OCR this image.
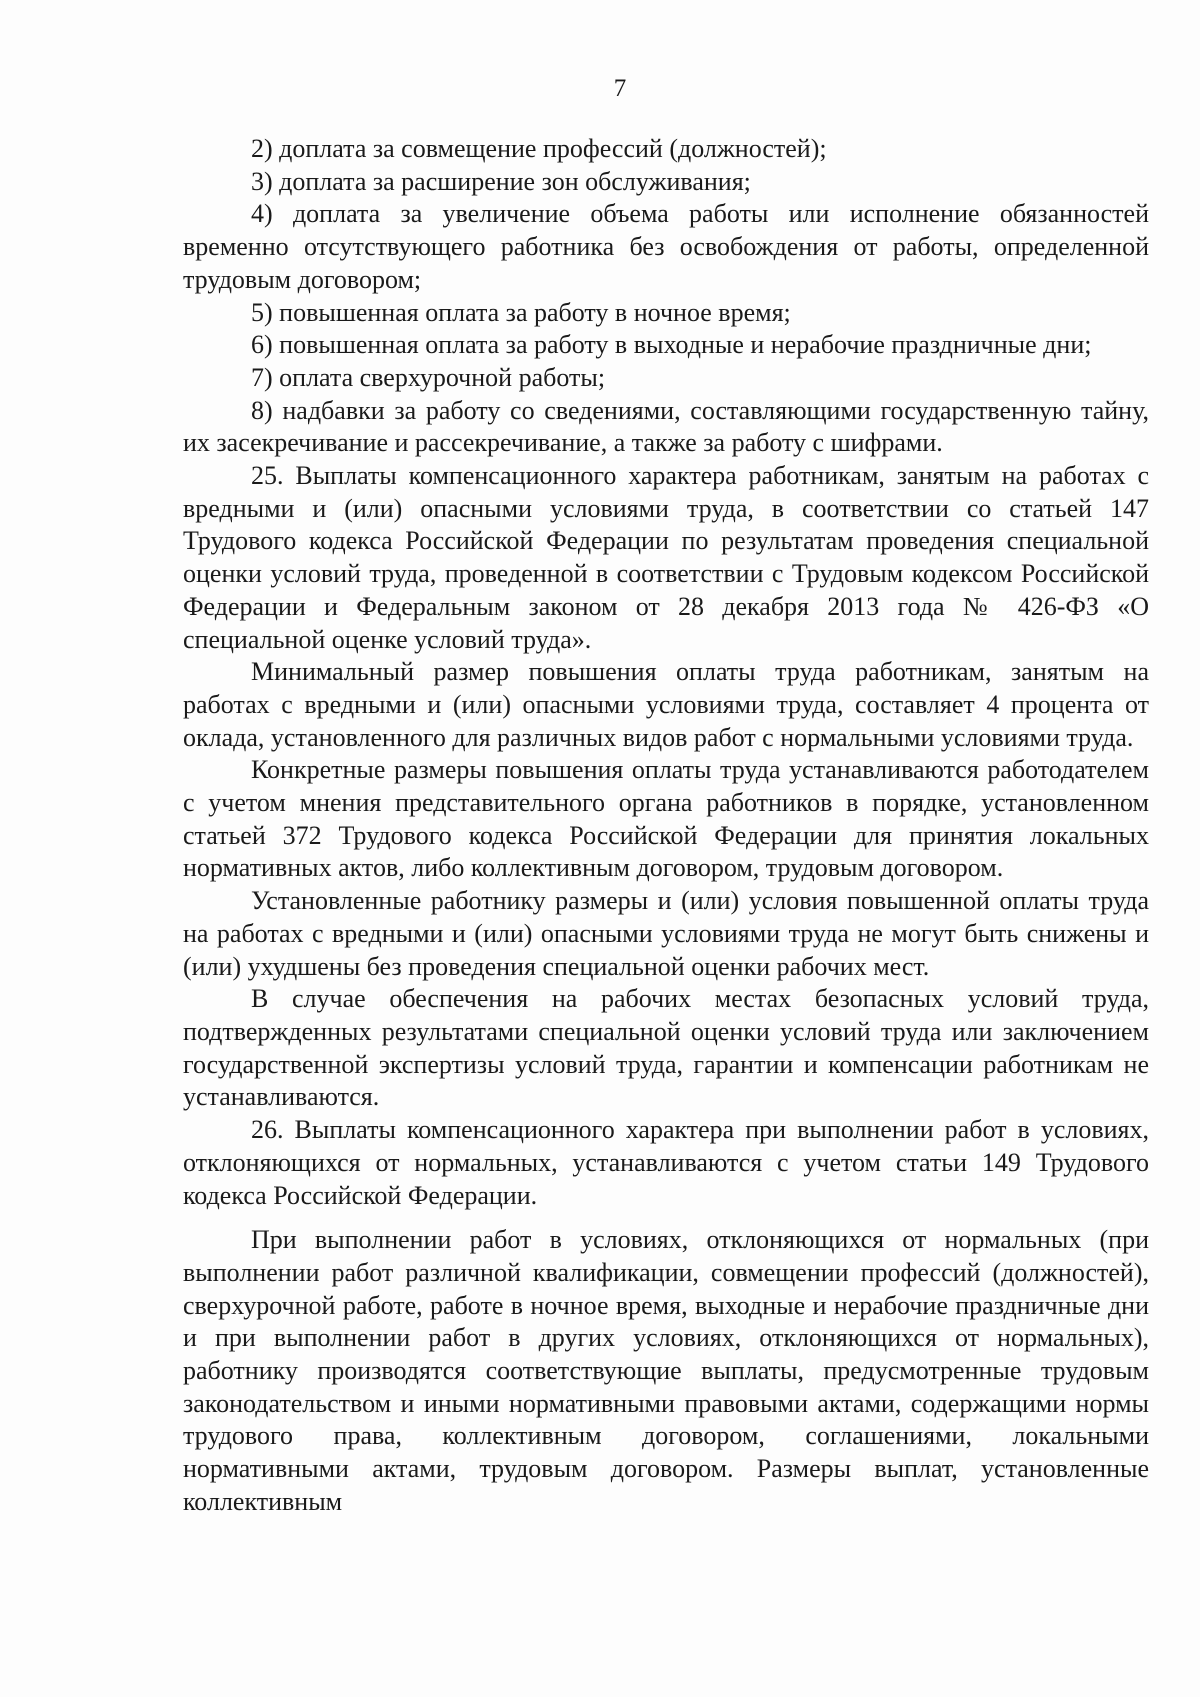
7

2) доплата за совмещение профессий (должностей);

3) доплата за расширение зон обслуживания;

4) доплата за увеличение объема работы или исполнение обязанностей временно отсутствующего работника без освобождения от работы, определенной трудовым договором;

5) повышенная оплата за работу в ночное время;

6) повышенная оплата за работу в выходные и нерабочие праздничные дни;

7) оплата сверхурочной работы;

8) надбавки за работу со сведениями, составляющими государственную тайну, их засекречивание и рассекречивание, а также за работу с шифрами.

25. Выплаты компенсационного характера работникам, занятым на работах с вредными и (или) опасными условиями труда, в соответствии со статьей 147 Трудового кодекса Российской Федерации по результатам проведения специальной оценки условий труда, проведенной в соответствии с Трудовым кодексом Российской Федерации и Федеральным законом от 28 декабря 2013 года № 426-ФЗ «О специальной оценке условий труда».

Минимальный размер повышения оплаты труда работникам, занятым на работах с вредными и (или) опасными условиями труда, составляет 4 процента от оклада, установленного для различных видов работ с нормальными условиями труда.

Конкретные размеры повышения оплаты труда устанавливаются работодателем с учетом мнения представительного органа работников в порядке, установленном статьей 372 Трудового кодекса Российской Федерации для принятия локальных нормативных актов, либо коллективным договором, трудовым договором.

Установленные работнику размеры и (или) условия повышенной оплаты труда на работах с вредными и (или) опасными условиями труда не могут быть снижены и (или) ухудшены без проведения специальной оценки рабочих мест.

В случае обеспечения на рабочих местах безопасных условий труда, подтвержденных результатами специальной оценки условий труда или заключением государственной экспертизы условий труда, гарантии и компенсации работникам не устанавливаются.

26. Выплаты компенсационного характера при выполнении работ в условиях, отклоняющихся от нормальных, устанавливаются с учетом статьи 149 Трудового кодекса Российской Федерации.

При выполнении работ в условиях, отклоняющихся от нормальных (при выполнении работ различной квалификации, совмещении профессий (должностей), сверхурочной работе, работе в ночное время, выходные и нерабочие праздничные дни и при выполнении работ в других условиях, отклоняющихся от нормальных), работнику производятся соответствующие выплаты, предусмотренные трудовым законодательством и иными нормативными правовыми актами, содержащими нормы трудового права, коллективным договором, соглашениями, локальными нормативными актами, трудовым договором. Размеры выплат, установленные коллективным
